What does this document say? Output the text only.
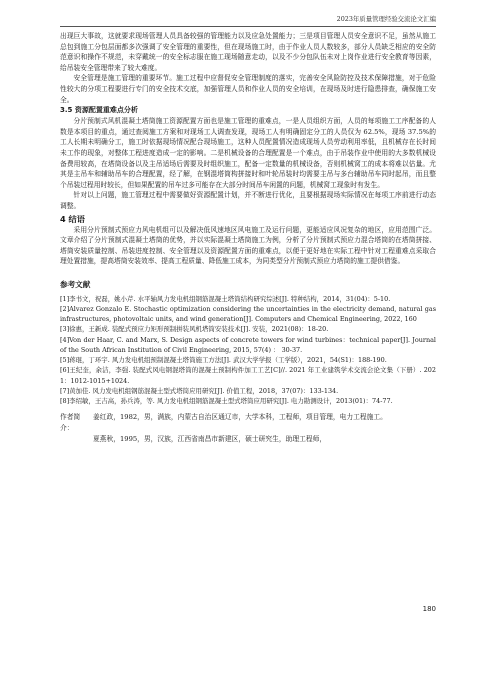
2023年质量管理经验交流论文汇编

出现巨大事故，这就要求现场管理人员具备较强的管理能力以及应急处置能力；三是项目管理人员安全意识不足，虽然从施工总包到施工分包层面都多次强调了安全管理的重要性，但在现场施工时，由于作业人员人数较多，部分人员缺乏相应的安全防范意识和操作不规范，未穿戴统一的安全标志服在施工现场随意走动，以及不少分包队伍未对上岗作业进行安全教育等因素，给吊装安全管理带来了较大难度。

安全管理是施工管理的重要环节。施工过程中应督促安全管理制度的落实，完善安全风险防控及技术保障措施，对于危险性较大的分项工程要进行专门的安全技术交底，加强管理人员和作业人员的安全培训，在现场及时进行隐患排查，确保施工安全。

3.5 资源配置重难点分析

分片预制式风机混凝土塔筒施工资源配置方面也是施工管理的重难点，一是人员组织方面，人员的每项施工工序配备的人数是本项目的重点，通过查阅施工方案和对现场工人调查发现，现场工人有明确固定分工的人员仅为 62.5%，现场 37.5%的工人长期未明确分工，施工时依据现场情况配合现场施工，这种人员配置情况造成现场人员劳动利用率低，且机械存在长时间未工作的现象，对整体工程进度造成一定的影响。二是机械设备的合理配置是一个难点，由于吊装作业中使用的大多数机械设备费用较高，在塔筒设备以及主吊适场后需要及时组织施工，配备一定数量的机械设备，否则机械窝工的成本将难以估量。尤其是主吊车和辅助吊车的合理配置，经了解，在钢混塔筒构拼接时和叶轮吊装时均需要主吊与多台辅助吊车同时起吊，而且整个吊装过程用时较长，但如果配置的吊车过多可能存在大部分时间吊车闲置的问题，机械窝工现象时有发生。

针对以上问题，施工管理过程中需要做好资源配置计划，并不断进行优化，且要根据现场实际情况在每项工序前进行动态调整。

4 结语

采用分片预制式预应力风电机组可以及解决低风速地区风电施工及运行问题，更能适应风况复杂的地区，应用范围广泛。文章介绍了分片预制式混凝土塔筒的优势，并以实际混凝土塔筒施工为例，分析了分片预制式预应力混合塔筒的在塔筒拼接、塔筒安装质量控制、吊装进度控制、安全管理以及资源配置方面的重难点，以便于更好地在实际工程中针对工程重难点采取合理处置措施，提高塔筒安装效率、提高工程质量、降低施工成本，为同类型分片预制式预应力塔筒的施工提供借鉴。

参考文献

[1]李书文，祝磊，姚小芹. 水平轴风力发电机组钢筋混凝土塔筒结构研究综述[J]. 特种结构，2014，31(04)：5-10.

[2]Alvarez Gonzalo E. Stochastic optimization considering the uncertainties in the electricity demand, natural gas infrastructures, photovoltaic units, and wind generation[J]. Computers and Chemical Engineering, 2022, 160

[3]徐惠，王新成. 装配式预应力矩形预制拼装风机塔筒安装技术[J]. 安装，2021(08)：18-20.

[4]Von der Haar, C. and Marx, S. Design aspects of concrete towers for wind turbines：technical paper[J]. Journal of the South African Institution of Civil Engineering, 2015, 57(4) ： 30-37.

[5]蒋琨，丁环宇. 风力发电机组预制混凝土塔筒施工方法[J]. 武汉大学学报（工学版），2021，54(S1)：188-190.

[6]王纪奎，余洁，李强. 装配式风电钢混塔筒的混凝土预制构件加工工艺[C]//. 2021 年工业建筑学术交流会论文集（下册）. 2021：1012-1015+1024.

[7]黄加佳. 风力发电机组钢筋混凝土型式塔筒应用研究[J]. 价值工程，2018，37(07)：133-134.

[8]李绍敏，王吉高，孙兵涛，等. 风力发电机组钢筋混凝土型式塔筒应用研究[J]. 电力勘测设计，2013(01)：74-77.

作者简介：
姜红政，1982，男，满族，内蒙古自治区通辽市，大学本科，工程师，项目管理，电力工程施工。
夏燕秋，1995，男，汉族，江西省南昌市新建区，硕士研究生，助理工程师，
180
